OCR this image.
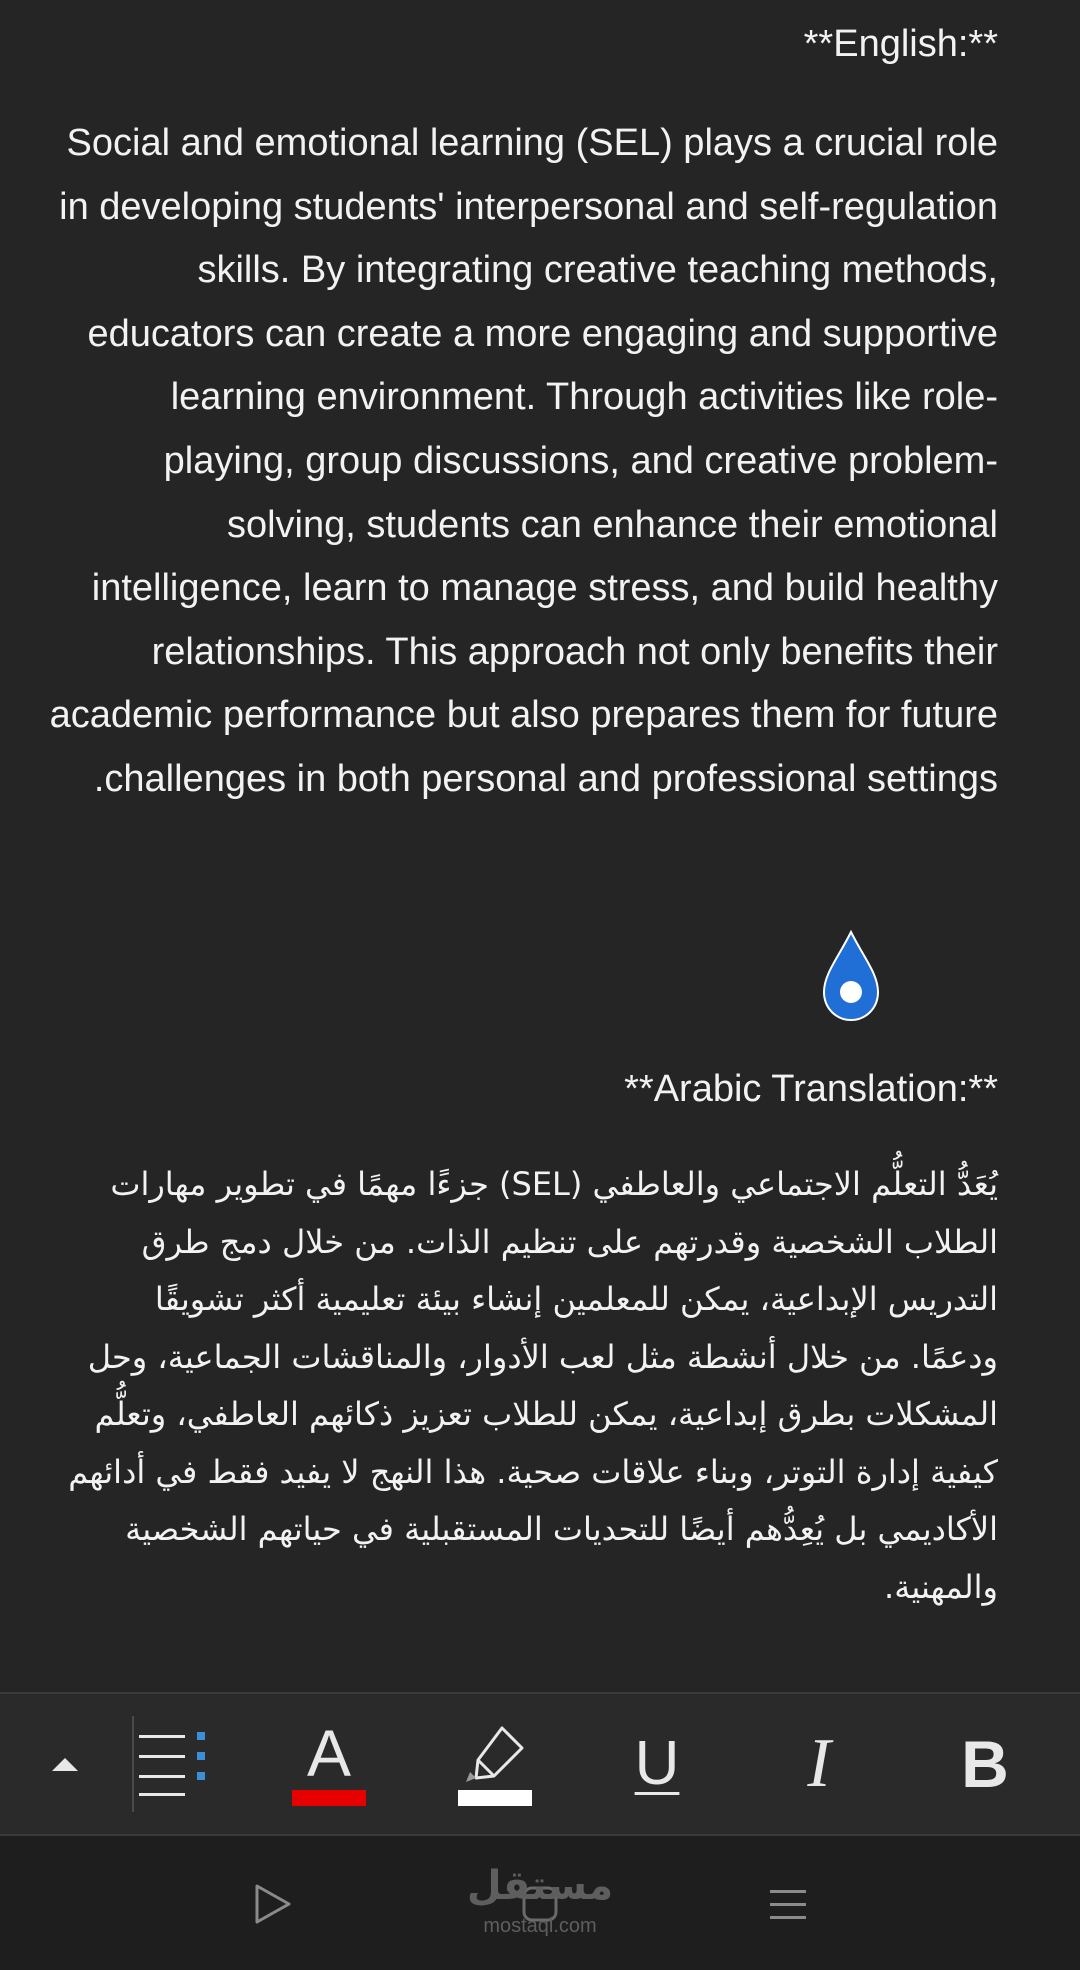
**:English**

Social and emotional learning (SEL) plays a crucial role in developing students' interpersonal and self-regulation skills. By integrating creative teaching methods, educators can create a more engaging and supportive learning environment. Through activities like role-playing, group discussions, and creative problem-solving, students can enhance their emotional intelligence, learn to manage stress, and build healthy relationships. This approach not only benefits their academic performance but also prepares them for future challenges in both personal and professional settings.

**:Arabic Translation**

يُعَدُّ التعلُّم الاجتماعي والعاطفي (SEL) جزءًا مهمًا في تطوير مهارات الطلاب الشخصية وقدرتهم على تنظيم الذات. من خلال دمج طرق التدريس الإبداعية، يمكن للمعلمين إنشاء بيئة تعليمية أكثر تشويقًا ودعمًا. من خلال أنشطة مثل لعب الأدوار، والمناقشات الجماعية، وحل المشكلات بطرق إبداعية، يمكن للطلاب تعزيز ذكائهم العاطفي، وتعلُّم كيفية إدارة التوتر، وبناء علاقات صحية. هذا النهج لا يفيد فقط في أدائهم الأكاديمي بل يُعِدُّهم أيضًا للتحديات المستقبلية في حياتهم الشخصية والمهنية.

A	U I B
مستقل
mostaql.com
